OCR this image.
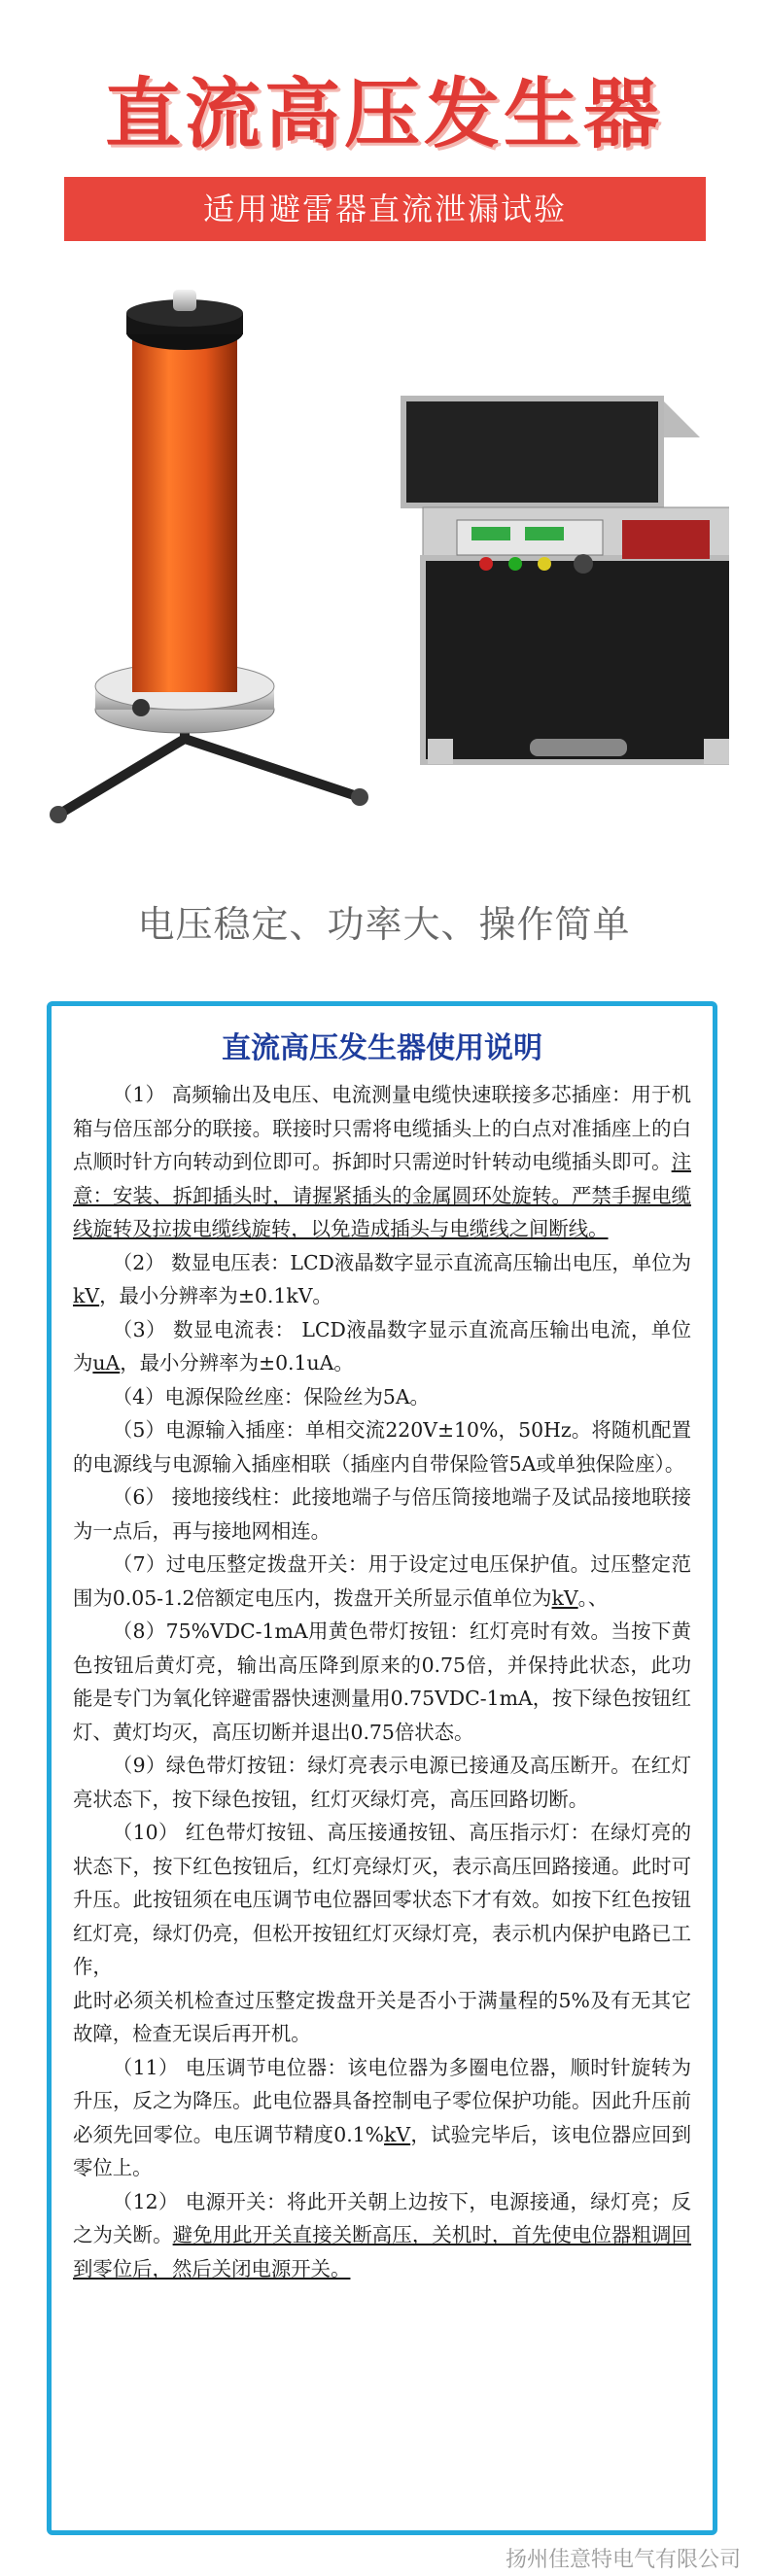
直流高压发生器
适用避雷器直流泄漏试验
电压稳定、功率大、操作简单
直流高压发生器使用说明

（1） 高频输出及电压、电流测量电缆快速联接多芯插座：用于机箱与倍压部分的联接。联接时只需将电缆插头上的白点对准插座上的白点顺时针方向转动到位即可。拆卸时只需逆时针转动电缆插头即可。注意：安装、拆卸插头时，请握紧插头的金属圆环处旋转。严禁手握电缆线旋转及拉拔电缆线旋转，以免造成插头与电缆线之间断线。

（2） 数显电压表：LCD液晶数字显示直流高压输出电压，单位为kV，最小分辨率为±0.1kV。

（3） 数显电流表： LCD液晶数字显示直流高压输出电流，单位为uA，最小分辨率为±0.1uA。

（4）电源保险丝座：保险丝为5A。

（5）电源输入插座：单相交流220V±10%，50Hz。将随机配置的电源线与电源输入插座相联（插座内自带保险管5A或单独保险座）。

（6） 接地接线柱：此接地端子与倍压筒接地端子及试品接地联接为一点后，再与接地网相连。

（7）过电压整定拨盘开关：用于设定过电压保护值。过压整定范围为0.05-1.2倍额定电压内，拨盘开关所显示值单位为kV。、

（8）75%VDC-1mA用黄色带灯按钮：红灯亮时有效。当按下黄色按钮后黄灯亮，输出高压降到原来的0.75倍，并保持此状态，此功能是专门为氧化锌避雷器快速测量用0.75VDC-1mA，按下绿色按钮红灯、黄灯均灭，高压切断并退出0.75倍状态。

（9）绿色带灯按钮：绿灯亮表示电源已接通及高压断开。在红灯亮状态下，按下绿色按钮，红灯灭绿灯亮，高压回路切断。

（10） 红色带灯按钮、高压接通按钮、高压指示灯：在绿灯亮的状态下，按下红色按钮后，红灯亮绿灯灭，表示高压回路接通。此时可升压。此按钮须在电压调节电位器回零状态下才有效。如按下红色按钮红灯亮，绿灯仍亮，但松开按钮红灯灭绿灯亮，表示机内保护电路已工作，

此时必须关机检查过压整定拨盘开关是否小于满量程的5%及有无其它故障，检查无误后再开机。

（11） 电压调节电位器：该电位器为多圈电位器，顺时针旋转为升压，反之为降压。此电位器具备控制电子零位保护功能。因此升压前必须先回零位。电压调节精度0.1%kV，试验完毕后，该电位器应回到零位上。

（12） 电源开关：将此开关朝上边按下，电源接通，绿灯亮；反之为关断。避免用此开关直接关断高压，关机时，首先使电位器粗调回到零位后，然后关闭电源开关。

扬州佳意特电气有限公司
